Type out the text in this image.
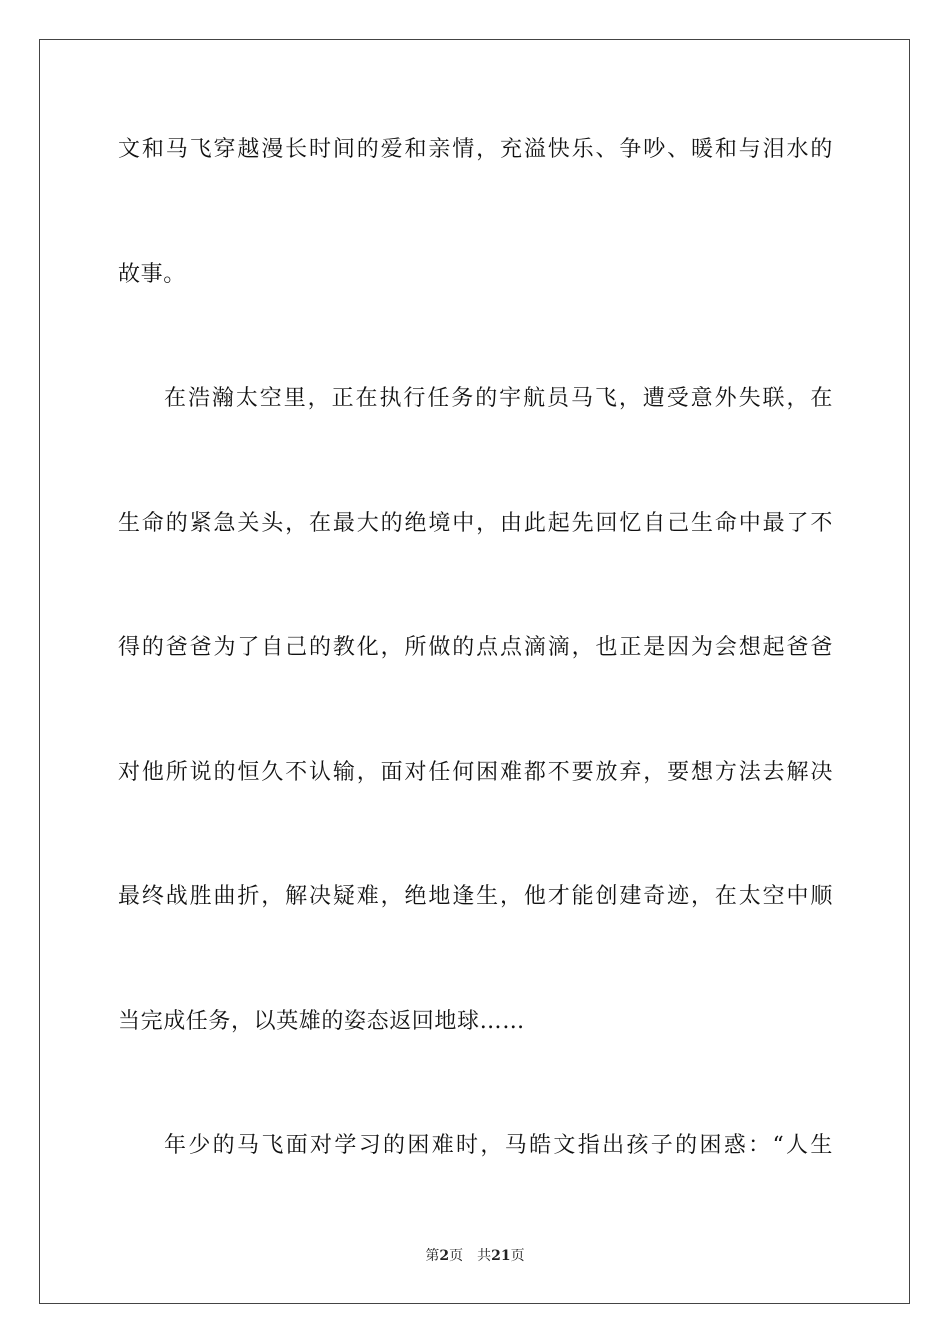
文和马飞穿越漫长时间的爱和亲情，充溢快乐、争吵、暖和与泪水的
故事。
在浩瀚太空里，正在执行任务的宇航员马飞，遭受意外失联，在
生命的紧急关头，在最大的绝境中，由此起先回忆自己生命中最了不
得的爸爸为了自己的教化，所做的点点滴滴，也正是因为会想起爸爸
对他所说的恒久不认输，面对任何困难都不要放弃，要想方法去解决
最终战胜曲折，解决疑难，绝地逢生，他才能创建奇迹，在太空中顺
当完成任务，以英雄的姿态返回地球……
年少的马飞面对学习的困难时，马皓文指出孩子的困惑：“人生
第2页 共21页
